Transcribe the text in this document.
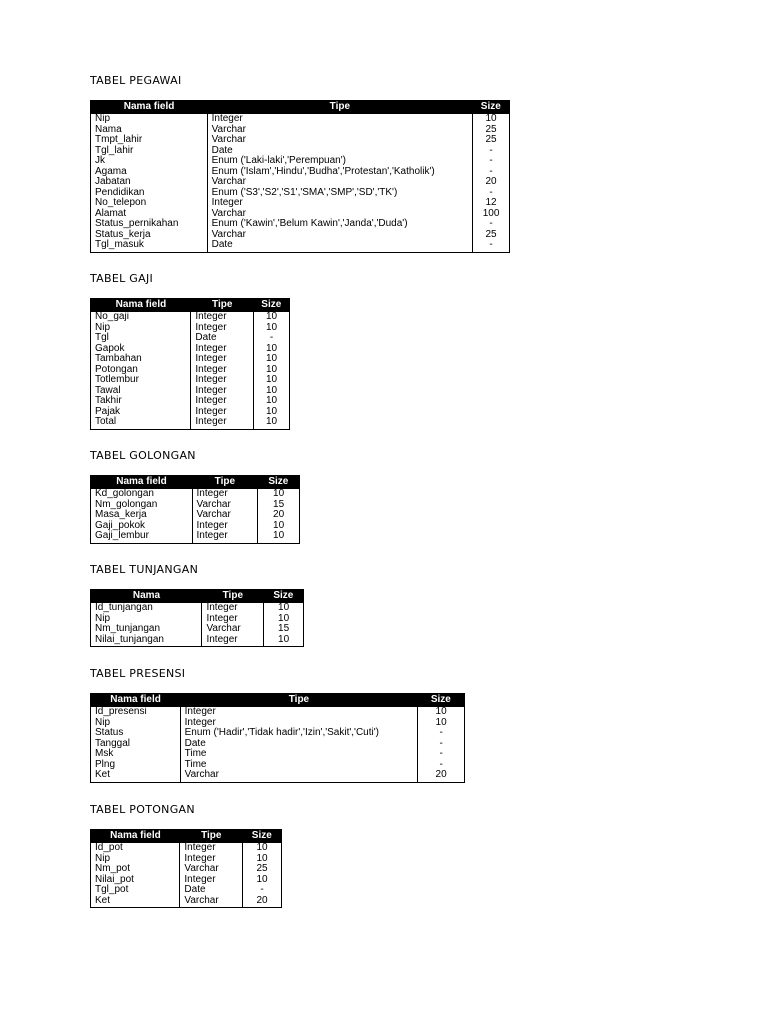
TABEL PEGAWAI
Nama field	Tipe	Size
Nip	Integer	10
Nama	Varchar	25
Tmpt_lahir	Varchar	25
Tgl_lahir	Date	-
Jk	Enum ('Laki-laki','Perempuan')	-
Agama	Enum ('Islam','Hindu','Budha','Protestan','Katholik')	-
Jabatan	Varchar	20
Pendidikan	Enum ('S3','S2','S1','SMA','SMP','SD','TK')	-
No_telepon	Integer	12
Alamat	Varchar	100
Status_pernikahan	Enum ('Kawin','Belum Kawin','Janda','Duda')	-
Status_kerja	Varchar	25
Tgl_masuk	Date	-
TABEL GAJI
Nama field	Tipe	Size
No_gaji	Integer	10
Nip	Integer	10
Tgl	Date	-
Gapok	Integer	10
Tambahan	Integer	10
Potongan	Integer	10
Totlembur	Integer	10
Tawal	Integer	10
Takhir	Integer	10
Pajak	Integer	10
Total	Integer	10
TABEL GOLONGAN
Nama field	Tipe	Size
Kd_golongan	Integer	10
Nm_golongan	Varchar	15
Masa_kerja	Varchar	20
Gaji_pokok	Integer	10
Gaji_lembur	Integer	10
TABEL TUNJANGAN
Nama	Tipe	Size
Id_tunjangan	Integer	10
Nip	Integer	10
Nm_tunjangan	Varchar	15
Nilai_tunjangan	Integer	10
TABEL PRESENSI
Nama field	Tipe	Size
Id_presensi	Integer	10
Nip	Integer	10
Status	Enum ('Hadir','Tidak hadir','Izin','Sakit','Cuti')	-
Tanggal	Date	-
Msk	Time	-
Plng	Time	-
Ket	Varchar	20
TABEL POTONGAN
Nama field	Tipe	Size
Id_pot	Integer	10
Nip	Integer	10
Nm_pot	Varchar	25
Nilai_pot	Integer	10
Tgl_pot	Date	-
Ket	Varchar	20
